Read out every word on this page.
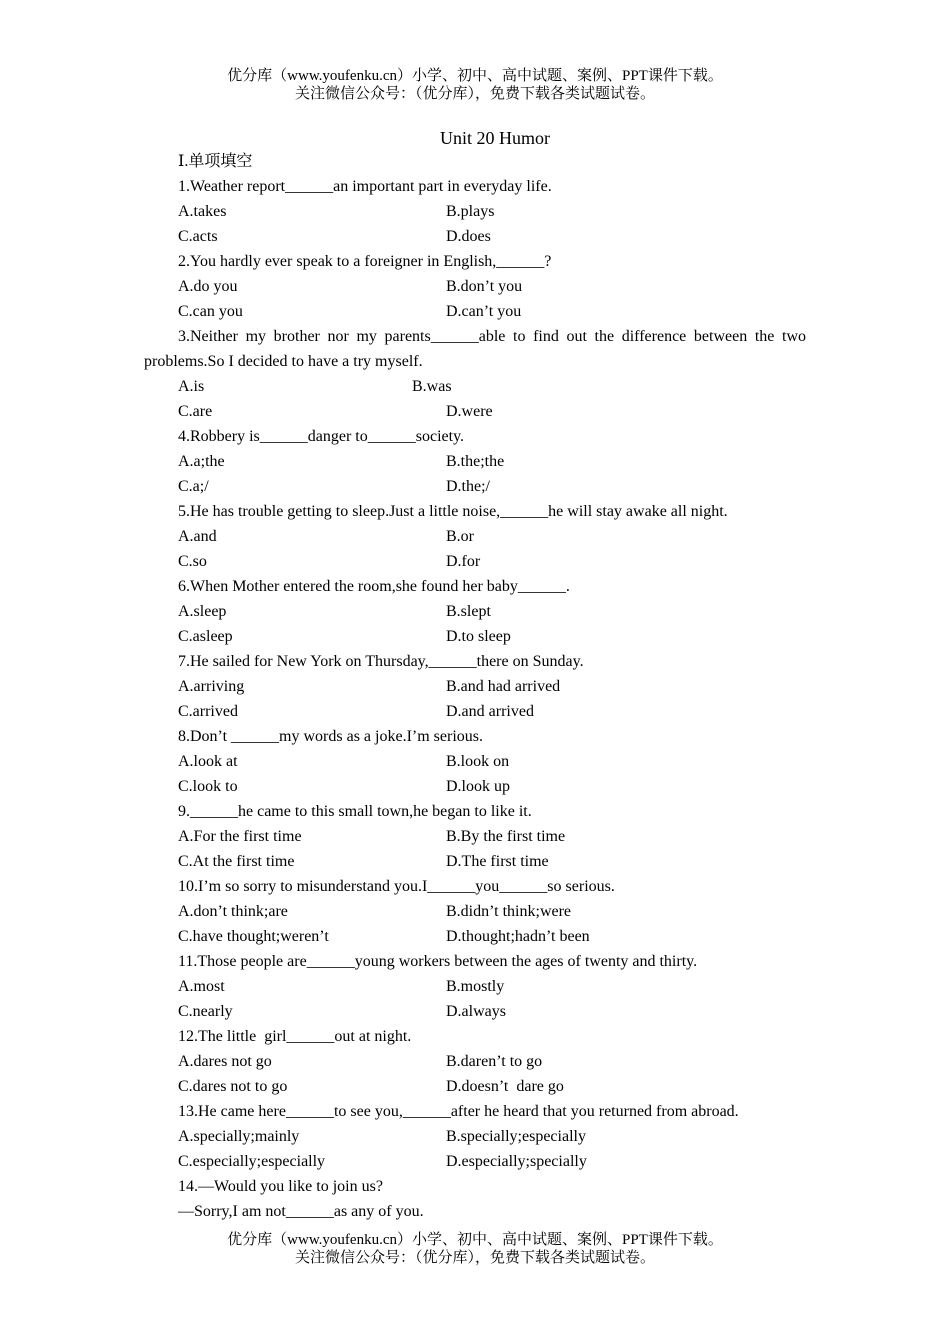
优分库（www.youfenku.cn）小学、初中、高中试题、案例、PPT课件下载。
关注微信公众号：（优分库），免费下载各类试题试卷。
Unit 20 Humor
Ⅰ.单项填空
1.Weather report______an important part in everyday life.
A.takes	B.plays
C.acts	D.does
2.You hardly ever speak to a foreigner in English,______?
A.do you	B.don’t you
C.can you	D.can’t you
3.Neither my brother nor my parents______able to find out the difference between the two problems.So I decided to have a try myself.
A.is	B.was
C.are	D.were
4.Robbery is______danger to______society.
A.a;the	B.the;the
C.a;/	D.the;/
5.He has trouble getting to sleep.Just a little noise,______he will stay awake all night.
A.and	B.or
C.so	D.for
6.When Mother entered the room,she found her baby______.
A.sleep	B.slept
C.asleep	D.to sleep
7.He sailed for New York on Thursday,______there on Sunday.
A.arriving	B.and had arrived
C.arrived	D.and arrived
8.Don’t ______my words as a joke.I’m serious.
A.look at	B.look on
C.look to	D.look up
9.______he came to this small town,he began to like it.
A.For the first time	B.By the first time
C.At the first time	D.The first time
10.I’m so sorry to misunderstand you.I______you______so serious.
A.don’t think;are	B.didn’t think;were
C.have thought;weren’t	D.thought;hadn’t been
11.Those people are______young workers between the ages of twenty and thirty.
A.most	B.mostly
C.nearly	D.always
12.The little  girl______out at night.
A.dares not go	B.daren’t to go
C.dares not to go	D.doesn’t  dare go
13.He came here______to see you,______after he heard that you returned from abroad.
A.specially;mainly	B.specially;especially
C.especially;especially	D.especially;specially
14.—Would you like to join us?
—Sorry,I am not______as any of you.
优分库（www.youfenku.cn）小学、初中、高中试题、案例、PPT课件下载。
关注微信公众号：（优分库），免费下载各类试题试卷。
